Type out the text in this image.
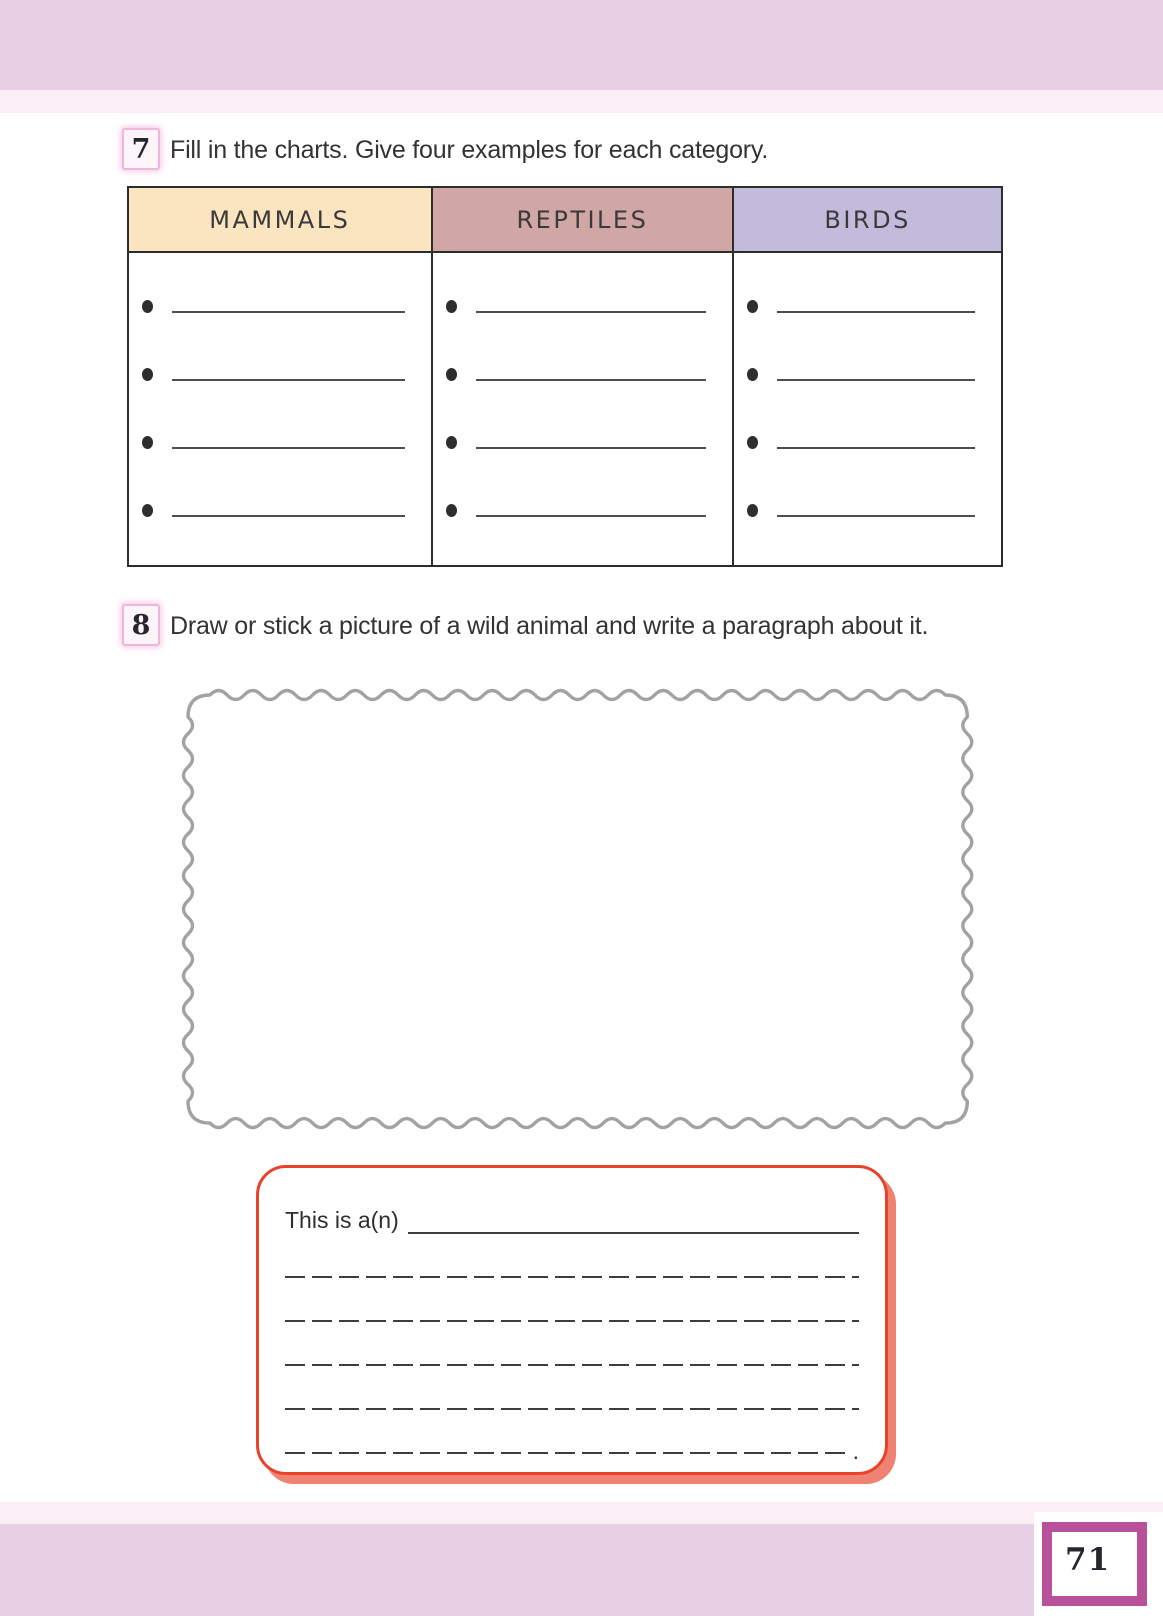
7 Fill in the charts. Give four examples for each category.
MAMMALS	REPTILES	BIRDS
8 Draw or stick a picture of a wild animal and write a paragraph about it.
This is a(n)
.
71
